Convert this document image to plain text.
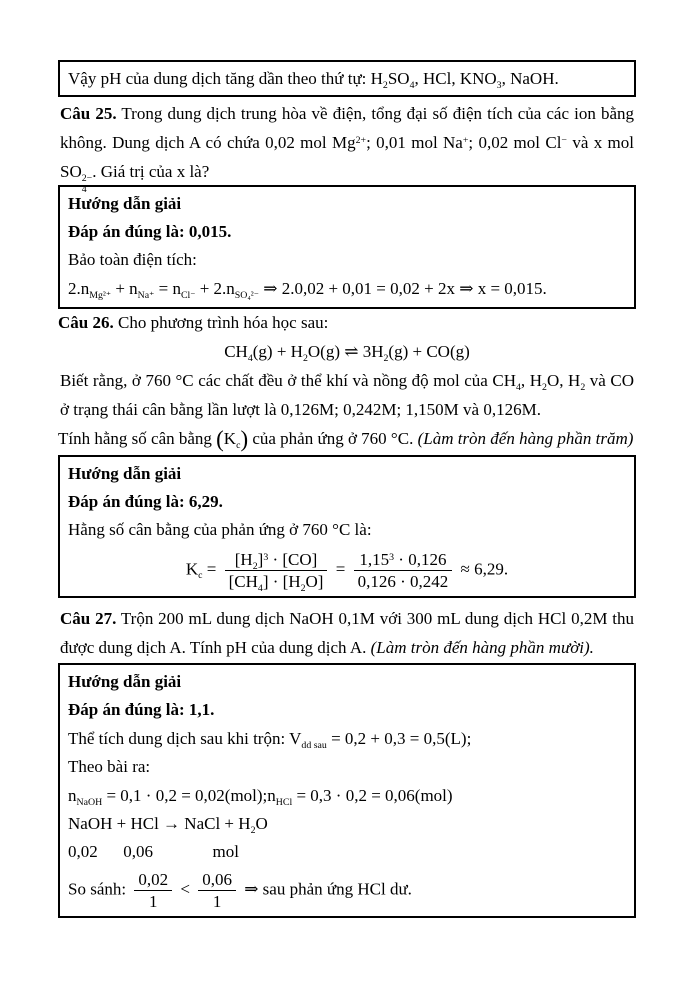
Vậy pH của dung dịch tăng dần theo thứ tự: $H_2SO_4$, HCl, $KNO_3$, NaOH.

Câu 25. Trong dung dịch trung hòa về điện, tổng đại số điện tích của các ion bằng không. Dung dịch A có chứa 0,02 mol $Mg^{2+}$; 0,01 mol Na+; 0,02 mol Cl− và x mol SO 2−
4
. Giá trị của x là?

Hướng dẫn giải

Đáp án đúng là: 0,015.

Bảo toàn điện tích:

$2.n_{Mg^{2+}} + n_{Na^+} = n_{Cl^-} + 2.n_{SO_4^{2-}}$ ⇒ 2.0,02 + 0,01 = 0,02 + 2x ⇒ x = 0,015.

Câu 26. Cho phương trình hóa học sau:

$CH_4(g) + H_2O(g)$ ⇌ $3H_2(g) + CO(g)$

Biết rằng, ở 760 °C các chất đều ở thể khí và nồng độ mol của $CH_4$, $H_2O$, $H_2$ và CO ở trạng thái cân bằng lần lượt là 0,126M; 0,242M; 1,150M và 0,126M.

Tính hằng số cân bằng $(K_c)$ của phản ứng ở 760 °C. (Làm tròn đến hàng phần trăm)

Hướng dẫn giải

Đáp án đúng là: 6,29.

Hằng số cân bằng của phản ứng ở 760 °C là:

$K_c = \frac{[H_2]^3 \cdot [CO]}{[CH_4] \cdot [H_2O]} = \frac{1,15^3 \cdot 0,126}{0,126 \cdot 0,242} \approx 6,29$.

Câu 27. Trộn 200 mL dung dịch NaOH 0,1M với 300 mL dung dịch HCl 0,2M thu được dung dịch A. Tính pH của dung dịch A. (Làm tròn đến hàng phần mười).

Hướng dẫn giải

Đáp án đúng là: 1,1.

Thể tích dung dịch sau khi trộn: $V_{dd sau} = 0,2 + 0,3 = 0,5(L)$;

Theo bài ra:

$n_{NaOH} = 0,1 \cdot 0,2$ = $0,02(mol);n_{HCl} = 0,3 \cdot 0,2 = 0,06(mol)$

NaOH + HCl → NaCl + $H_2O$

0,02      0,06              mol

So sánh: $\frac{0,02}{1} < \frac{0,06}{1}$ ⇒ sau phản ứng HCl dư.
